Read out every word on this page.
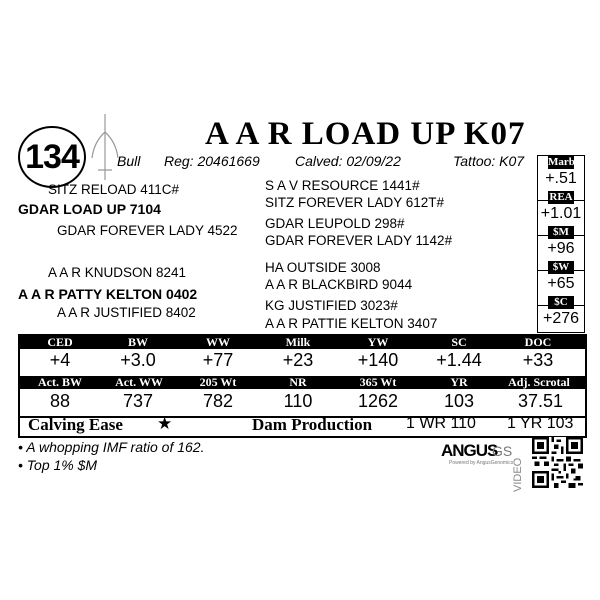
134
A A R LOAD UP K07
Bull Reg: 20461669	Calved: 02/09/22	Tattoo: K07
SITZ RELOAD 411C#
GDAR LOAD UP 7104
GDAR FOREVER LADY 4522
A A R KNUDSON 8241
A A R PATTY KELTON 0402
A A R JUSTIFIED 8402
S A V RESOURCE 1441#
SITZ FOREVER LADY 612T#
GDAR LEUPOLD 298#
GDAR FOREVER LADY 1142#
HA OUTSIDE 3008
A A R BLACKBIRD 9044
KG JUSTIFIED 3023#
A A R PATTIE KELTON 3407
Marb
+.51
REA
+1.01
$M
+96
$W
+65
$C
+276
CED	BW	WW	Milk	YW	SC	DOC
+4	+3.0	+77	+23	+140	+1.44	+33
Act. BW	Act. WW	205 Wt	NR	365 Wt	YR	Adj. Scrotal
88	737	782	110	1262	103	37.51
Calving Ease ★	Dam Production 1 WR 110 1 YR 103
• A whopping IMF ratio of 162.
• Top 1% $M
ANGUS
GS
Powered by AngusGenomics
VIDEO
